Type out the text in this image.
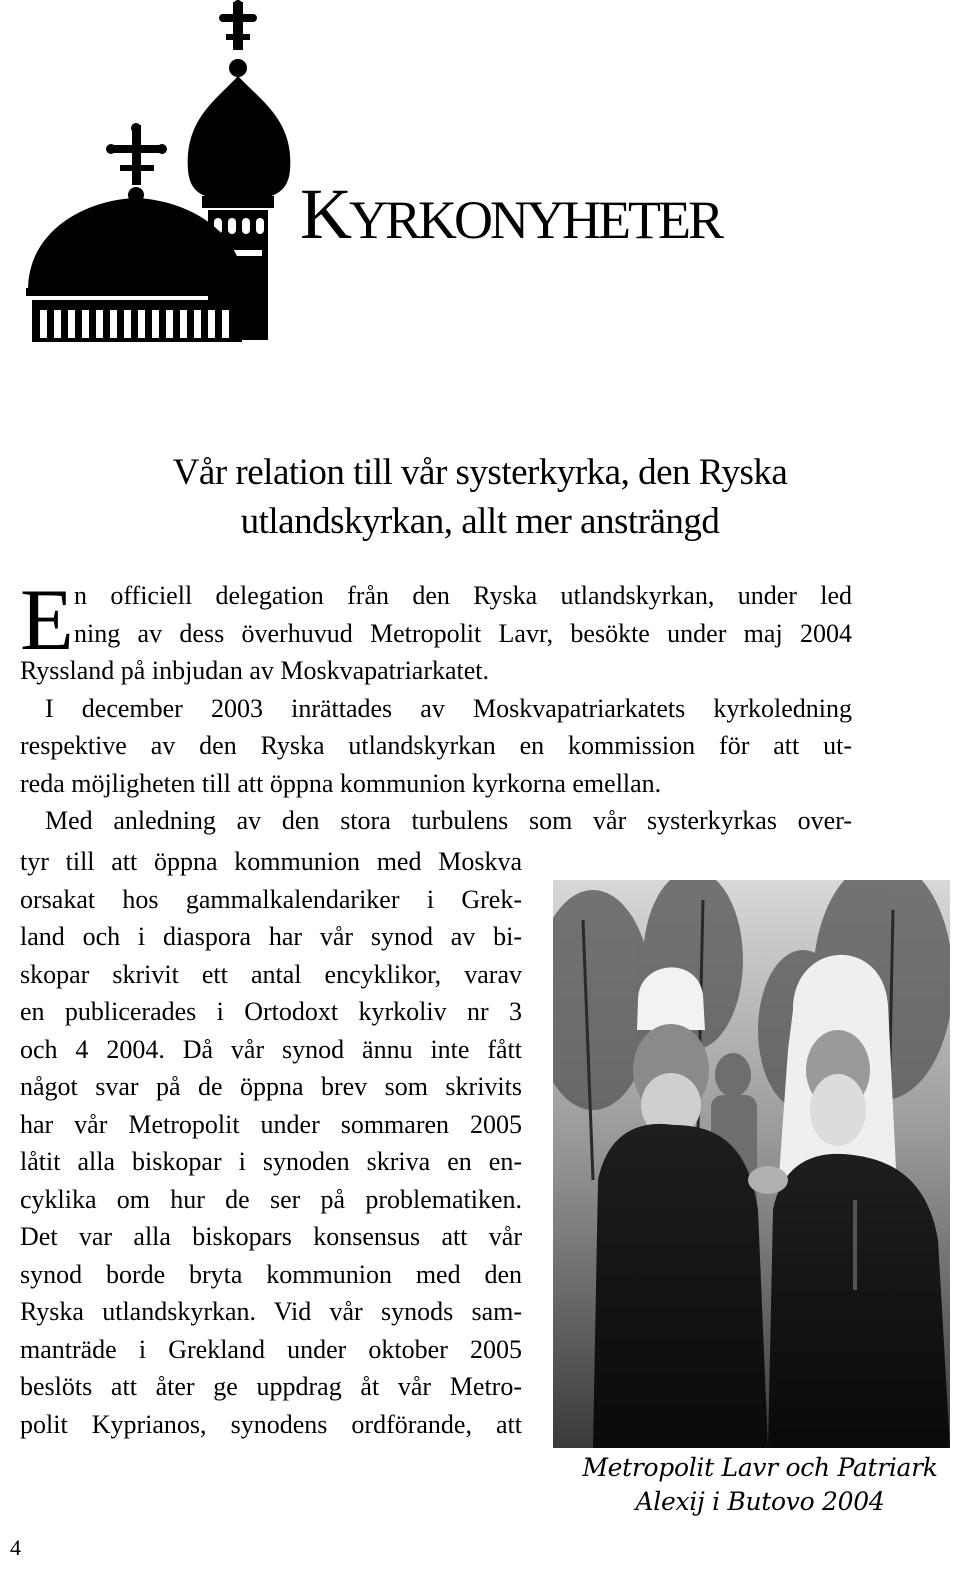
KYRKONYHETER
Vår relation till vår systerkyrka, den Ryska
utlandskyrkan, allt mer ansträngd
E n officiell delegation från den Ryska utlandskyrkan, under led
ning av dess överhuvud Metropolit Lavr, besökte under maj 2004
Ryssland på inbjudan av Moskvapatriarkatet.
I december 2003 inrättades av Moskvapatriarkatets kyrkoledning
respektive av den Ryska utlandskyrkan en kommission för att ut-
reda möjligheten till att öppna kommunion kyrkorna emellan.
Med anledning av den stora turbulens som vår systerkyrkas over-
tyr till att öppna kommunion med Moskva
orsakat hos gammalkalendariker i Grek-
land och i diaspora har vår synod av bi-
skopar skrivit ett antal encyklikor, varav
en publicerades i Ortodoxt kyrkoliv nr 3
och 4 2004. Då vår synod ännu inte fått
något svar på de öppna brev som skrivits
har vår Metropolit under sommaren 2005
låtit alla biskopar i synoden skriva en en-
cyklika om hur de ser på problematiken.
Det var alla biskopars konsensus att vår
synod borde bryta kommunion med den
Ryska utlandskyrkan. Vid vår synods sam-
manträde i Grekland under oktober 2005
beslöts att åter ge uppdrag åt vår Metro-
polit Kyprianos, synodens ordförande, att
Metropolit Lavr och Patriark
Alexij i Butovo 2004
4
